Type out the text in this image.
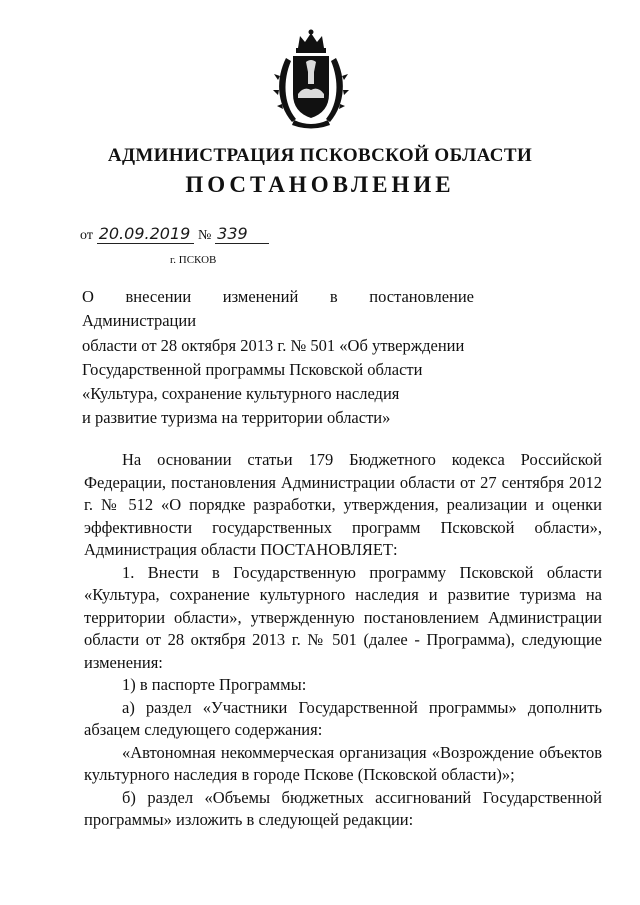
АДМИНИСТРАЦИЯ ПСКОВСКОЙ ОБЛАСТИ
ПОСТАНОВЛЕНИЕ
от 20.09.2019 № 339
г. ПСКОВ
О внесении изменений в постановление Администрации
области от 28 октября 2013 г. № 501 «Об утверждении
Государственной программы Псковской области
«Культура, сохранение культурного наследия
и развитие туризма на территории области»

На основании статьи 179 Бюджетного кодекса Российской Федерации, постановления Администрации области от 27 сентября 2012 г. № 512 «О порядке разработки, утверждения, реализации и оценки эффективности государственных программ Псковской области», Администрация области ПОСТАНОВЛЯЕТ:

1. Внести в Государственную программу Псковской области «Культура, сохранение культурного наследия и развитие туризма на территории области», утвержденную постановлением Администрации области от 28 октября 2013 г. № 501 (далее - Программа), следующие изменения:

1) в паспорте Программы:

а) раздел «Участники Государственной программы» дополнить абзацем следующего содержания:

«Автономная некоммерческая организация «Возрождение объектов культурного наследия в городе Пскове (Псковской области)»;

б) раздел «Объемы бюджетных ассигнований Государственной программы» изложить в следующей редакции:
